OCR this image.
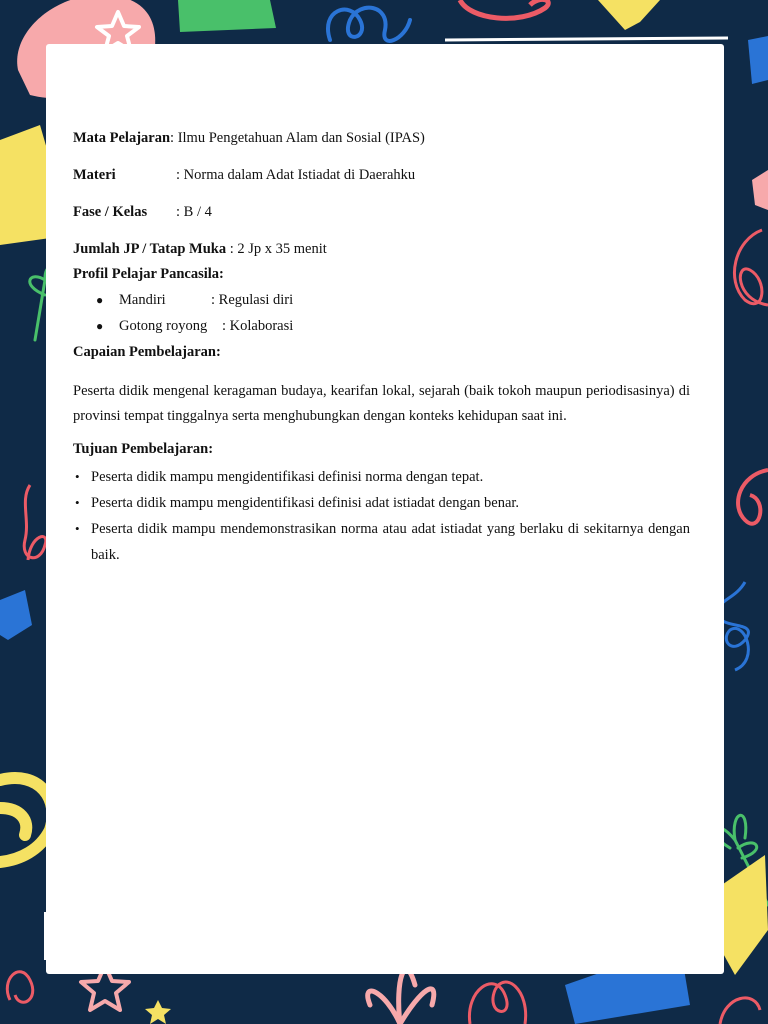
Mata Pelajaran: Ilmu Pengetahuan Alam dan Sosial (IPAS)
Materi	: Norma dalam Adat Istiadat di Daerahku
Fase / Kelas : B / 4
Jumlah JP / Tatap Muka : 2 Jp x 35 menit
Profil Pelajar Pancasila:
● Mandiri	: Regulasi diri
● Gotong royong : Kolaborasi
Capaian Pembelajaran:
Peserta didik mengenal keragaman budaya, kearifan lokal, sejarah (baik tokoh maupun periodisasinya) di provinsi tempat tinggalnya serta menghubungkan dengan konteks kehidupan saat ini.
Tujuan Pembelajaran:
• Peserta didik mampu mengidentifikasi definisi norma dengan tepat.
• Peserta didik mampu mengidentifikasi definisi adat istiadat dengan benar.
• Peserta didik mampu mendemonstrasikan norma atau adat istiadat yang berlaku di sekitarnya dengan baik.
